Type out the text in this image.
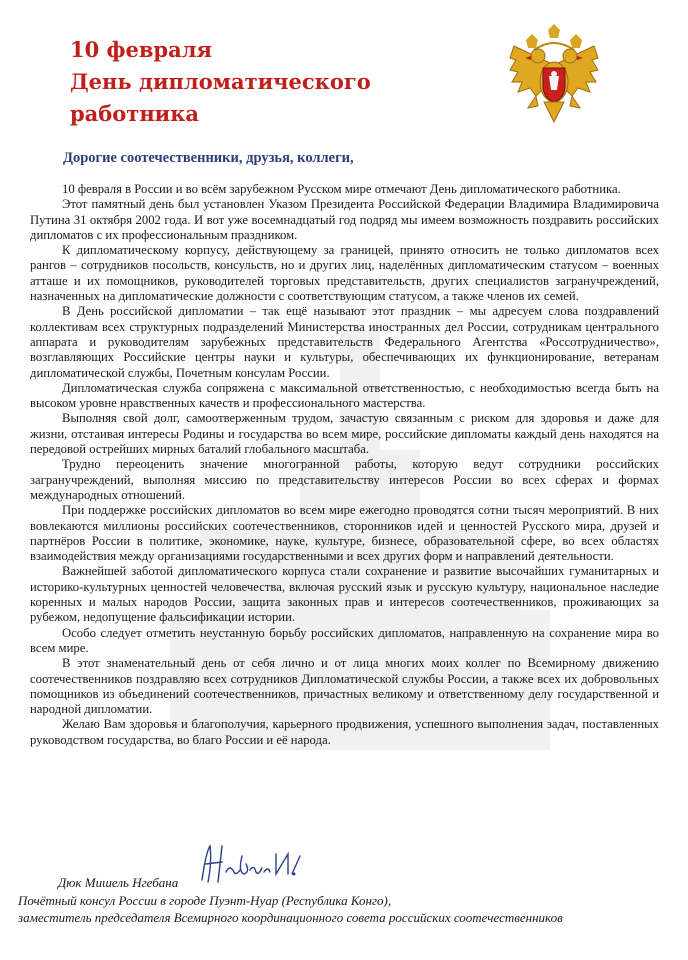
10 февраля
День дипломатического
работника
Дорогие соотечественники, друзья, коллеги,

10 февраля в России и во всём зарубежном Русском мире отмечают День дипломатического работника.

Этот памятный день был установлен Указом Президента Российской Федерации Владимира Владимировича Путина 31 октября 2002 года. И вот уже восемнадцатый год подряд мы имеем возможность поздравить российских дипломатов с их профессиональным праздником.

К дипломатическому корпусу, действующему за границей, принято относить не только дипломатов всех рангов – сотрудников посольств, консульств, но и других лиц, наделённых дипломатическим статусом – военных атташе и их помощников, руководителей торговых представительств, других специалистов загранучреждений, назначенных на дипломатические должности с соответствующим статусом, а также членов их семей.

В День российской дипломатии – так ещё называют этот праздник – мы адресуем слова поздравлений коллективам всех структурных подразделений Министерства иностранных дел России, сотрудникам центрального аппарата и руководителям зарубежных представительств Федерального Агентства «Россотрудничество», возглавляющих Российские центры науки и культуры, обеспечивающих их функционирование, ветеранам дипломатической службы, Почетным консулам России.

Дипломатическая служба сопряжена с максимальной ответственностью, с необходимостью всегда быть на высоком уровне нравственных качеств и профессионального мастерства.

Выполняя свой долг, самоотверженным трудом, зачастую связанным с риском для здоровья и даже для жизни, отстаивая интересы Родины и государства во всем мире, российские дипломаты каждый день находятся на передовой острейших мирных баталий глобального масштаба.

Трудно переоценить значение многогранной работы, которую ведут сотрудники российских загранучреждений, выполняя миссию по представительству интересов России во всех сферах и формах международных отношений.

При поддержке российских дипломатов во всем мире ежегодно проводятся сотни тысяч мероприятий. В них вовлекаются миллионы российских соотечественников, сторонников идей и ценностей Русского мира, друзей и партнёров России в политике, экономике, науке, культуре, бизнесе, образовательной сфере, во всех областях взаимодействия между организациями государственными и всех других форм и направлений деятельности.

Важнейшей заботой дипломатического корпуса стали сохранение и развитие высочайших гуманитарных и историко-культурных ценностей человечества, включая русский язык и русскую культуру, национальное наследие коренных и малых народов России, защита законных прав и интересов соотечественников, проживающих за рубежом, недопущение фальсификации истории.

Особо следует отметить неустанную борьбу российских дипломатов, направленную на сохранение мира во всем мире.

В этот знаменательный день от себя лично и от лица многих моих коллег по Всемирному движению соотечественников поздравляю всех сотрудников Дипломатической службы России, а также всех их добровольных помощников из объединений соотечественников, причастных великому и ответственному делу государственной и народной дипломатии.

Желаю Вам здоровья и благополучия, карьерного продвижения, успешного выполнения задач, поставленных руководством государства, во благо России и её народа.

Дюк Мишель Нгебана
Почётный консул России в городе Пуэнт-Нуар (Республика Конго),
заместитель председателя Всемирного координационного совета российских соотечественников
